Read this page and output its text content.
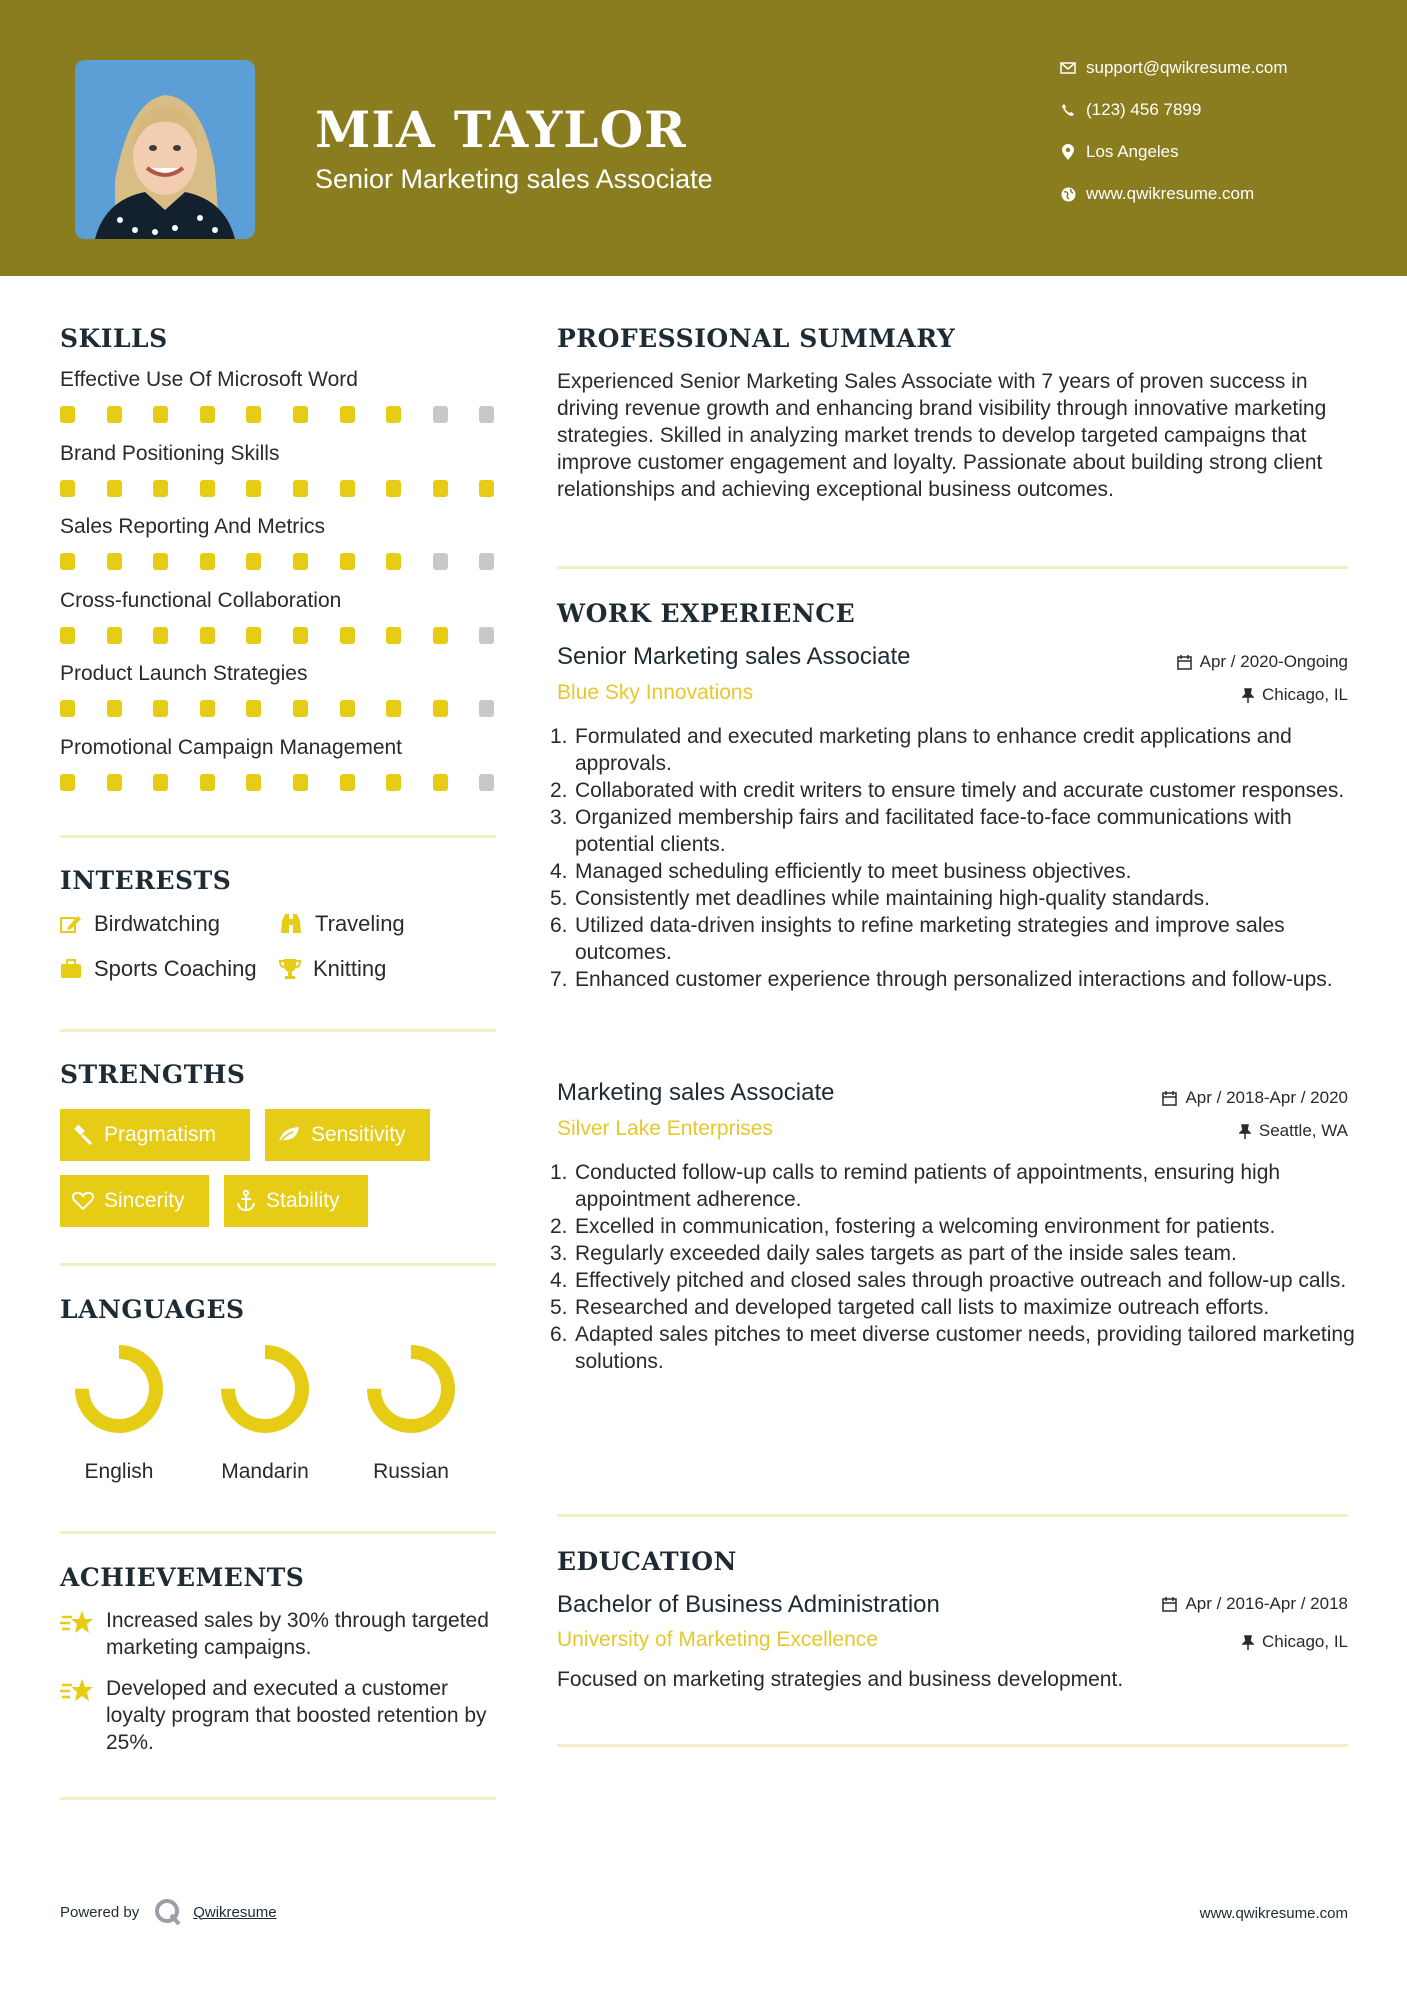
MIA TAYLOR
Senior Marketing sales Associate
support@qwikresume.com
(123) 456 7899
Los Angeles
www.qwikresume.com
SKILLS
Effective Use Of Microsoft Word
Brand Positioning Skills
Sales Reporting And Metrics
Cross-functional Collaboration
Product Launch Strategies
Promotional Campaign Management
INTERESTS
Birdwatching	Traveling
Sports Coaching	Knitting
STRENGTHS
Pragmatism	Sensitivity
Sincerity	Stability
LANGUAGES
English	Mandarin	Russian
ACHIEVEMENTS
Increased sales by 30% through targeted marketing campaigns.
Developed and executed a customer loyalty program that boosted retention by 25%.
PROFESSIONAL SUMMARY
Experienced Senior Marketing Sales Associate with 7 years of proven success in driving revenue growth and enhancing brand visibility through innovative marketing strategies. Skilled in analyzing market trends to develop targeted campaigns that improve customer engagement and loyalty. Passionate about building strong client relationships and achieving exceptional business outcomes.
WORK EXPERIENCE
Senior Marketing sales Associate	Apr / 2020-Ongoing
Blue Sky Innovations	Chicago, IL
1. Formulated and executed marketing plans to enhance credit applications and approvals.
2. Collaborated with credit writers to ensure timely and accurate customer responses.
3. Organized membership fairs and facilitated face-to-face communications with potential clients.
4. Managed scheduling efficiently to meet business objectives.
5. Consistently met deadlines while maintaining high-quality standards.
6. Utilized data-driven insights to refine marketing strategies and improve sales outcomes.
7. Enhanced customer experience through personalized interactions and follow-ups.
Marketing sales Associate	Apr / 2018-Apr / 2020
Silver Lake Enterprises	Seattle, WA
1. Conducted follow-up calls to remind patients of appointments, ensuring high appointment adherence.
2. Excelled in communication, fostering a welcoming environment for patients.
3. Regularly exceeded daily sales targets as part of the inside sales team.
4. Effectively pitched and closed sales through proactive outreach and follow-up calls.
5. Researched and developed targeted call lists to maximize outreach efforts.
6. Adapted sales pitches to meet diverse customer needs, providing tailored marketing solutions.
EDUCATION
Bachelor of Business Administration	Apr / 2016-Apr / 2018
University of Marketing Excellence	Chicago, IL
Focused on marketing strategies and business development.
Powered by	Qwikresume	www.qwikresume.com
